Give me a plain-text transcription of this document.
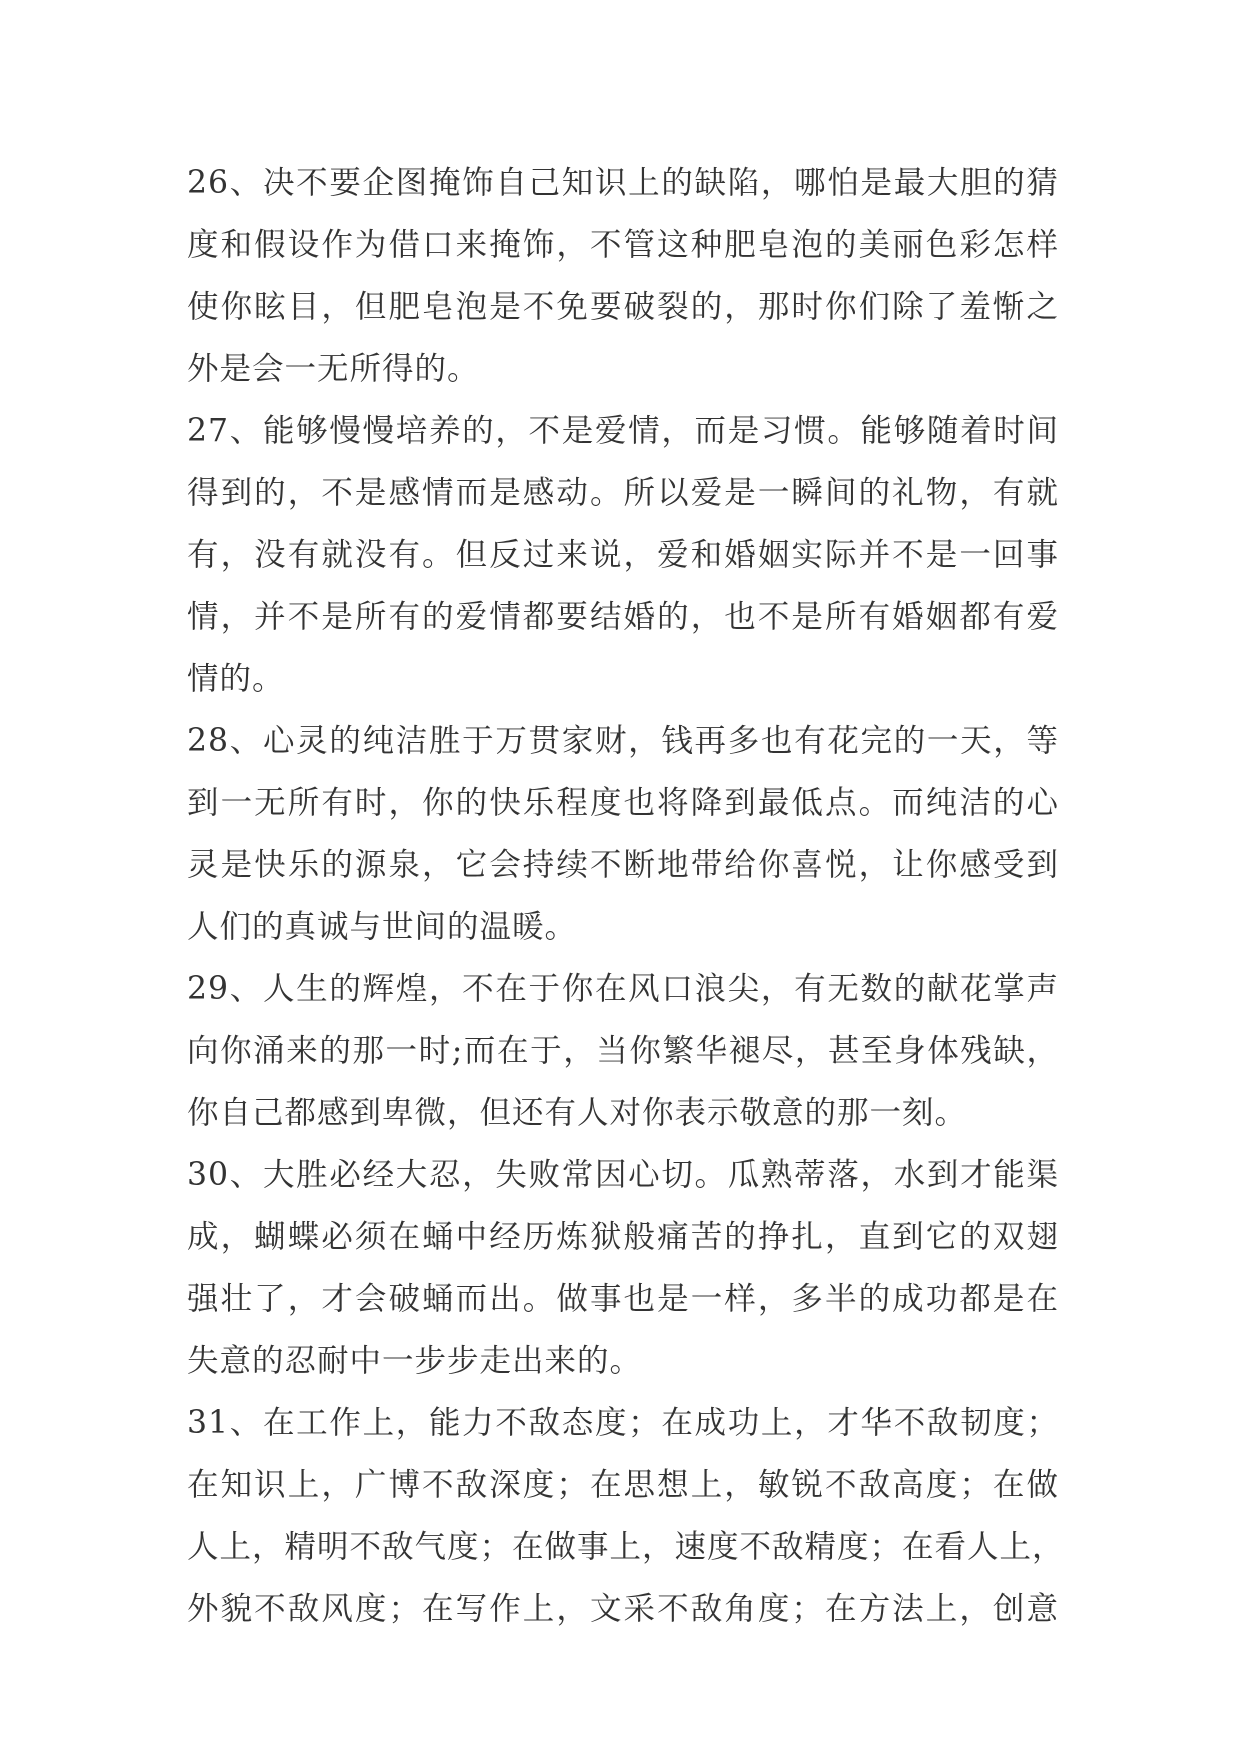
26、决不要企图掩饰自己知识上的缺陷，哪怕是最大胆的猜
度和假设作为借口来掩饰，不管这种肥皂泡的美丽色彩怎样
使你眩目，但肥皂泡是不免要破裂的，那时你们除了羞惭之
外是会一无所得的。
27、能够慢慢培养的，不是爱情，而是习惯。能够随着时间
得到的，不是感情而是感动。所以爱是一瞬间的礼物，有就
有，没有就没有。但反过来说，爱和婚姻实际并不是一回事
情，并不是所有的爱情都要结婚的，也不是所有婚姻都有爱
情的。
28、心灵的纯洁胜于万贯家财，钱再多也有花完的一天，等
到一无所有时，你的快乐程度也将降到最低点。而纯洁的心
灵是快乐的源泉，它会持续不断地带给你喜悦，让你感受到
人们的真诚与世间的温暖。
29、人生的辉煌，不在于你在风口浪尖，有无数的献花掌声
向你涌来的那一时;而在于，当你繁华褪尽，甚至身体残缺，
你自己都感到卑微，但还有人对你表示敬意的那一刻。
30、大胜必经大忍，失败常因心切。瓜熟蒂落，水到才能渠
成，蝴蝶必须在蛹中经历炼狱般痛苦的挣扎，直到它的双翅
强壮了，才会破蛹而出。做事也是一样，多半的成功都是在
失意的忍耐中一步步走出来的。
31、在工作上，能力不敌态度；在成功上，才华不敌韧度；
在知识上，广博不敌深度；在思想上，敏锐不敌高度；在做
人上，精明不敌气度；在做事上，速度不敌精度；在看人上，
外貌不敌风度；在写作上，文采不敌角度；在方法上，创意
